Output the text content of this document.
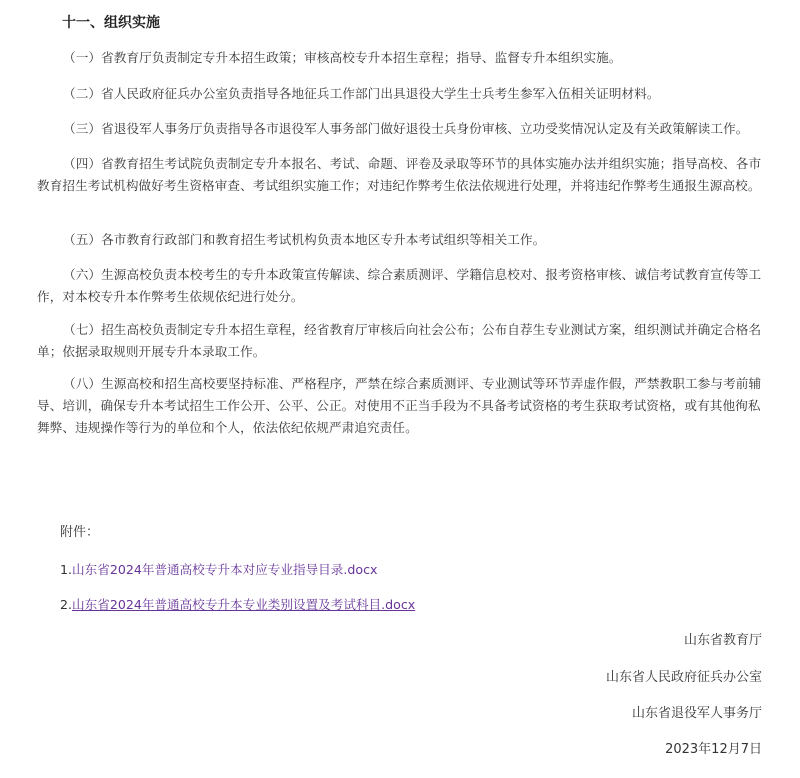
十一、组织实施

（一）省教育厅负责制定专升本招生政策；审核高校专升本招生章程；指导、监督专升本组织实施。

（二）省人民政府征兵办公室负责指导各地征兵工作部门出具退役大学生士兵考生参军入伍相关证明材料。

（三）省退役军人事务厅负责指导各市退役军人事务部门做好退役士兵身份审核、立功受奖情况认定及有关政策解读工作。

（四）省教育招生考试院负责制定专升本报名、考试、命题、评卷及录取等环节的具体实施办法并组织实施；指导高校、各市教育招生考试机构做好考生资格审查、考试组织实施工作；对违纪作弊考生依法依规进行处理，并将违纪作弊考生通报生源高校。

（五）各市教育行政部门和教育招生考试机构负责本地区专升本考试组织等相关工作。

（六）生源高校负责本校考生的专升本政策宣传解读、综合素质测评、学籍信息校对、报考资格审核、诚信考试教育宣传等工作，对本校专升本作弊考生依规依纪进行处分。

（七）招生高校负责制定专升本招生章程，经省教育厅审核后向社会公布；公布自荐生专业测试方案，组织测试并确定合格名单；依据录取规则开展专升本录取工作。

（八）生源高校和招生高校要坚持标准、严格程序，严禁在综合素质测评、专业测试等环节弄虚作假，严禁教职工参与考前辅导、培训，确保专升本考试招生工作公开、公平、公正。对使用不正当手段为不具备考试资格的考生获取考试资格，或有其他徇私舞弊、违规操作等行为的单位和个人，依法依纪依规严肃追究责任。

附件：

1.山东省2024年普通高校专升本对应专业指导目录.docx

2.山东省2024年普通高校专升本专业类别设置及考试科目.docx

山东省教育厅

山东省人民政府征兵办公室

山东省退役军人事务厅

2023年12月7日
